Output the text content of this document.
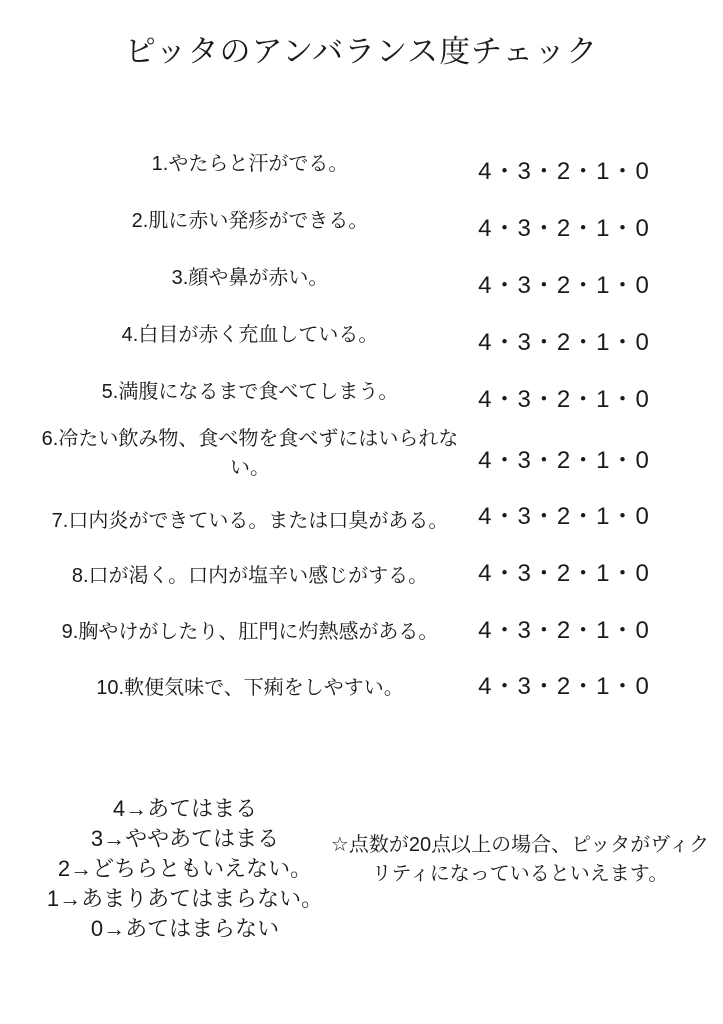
ピッタのアンバランス度チェック
1.やたらと汗がでる。	4・3・2・1・0
2.肌に赤い発疹ができる。	4・3・2・1・0
3.顔や鼻が赤い。	4・3・2・1・0
4.白目が赤く充血している。	4・3・2・1・0
5.満腹になるまで食べてしまう。	4・3・2・1・0
6.冷たい飲み物、食べ物を食べずにはいられな
い。	4・3・2・1・0
7.口内炎ができている。または口臭がある。	4・3・2・1・0
8.口が渇く。口内が塩辛い感じがする。	4・3・2・1・0
9.胸やけがしたり、肛門に灼熱感がある。	4・3・2・1・0
10.軟便気味で、下痢をしやすい。	4・3・2・1・0
4→あてはまる
3→ややあてはまる
2→どちらともいえない。
1→あまりあてはまらない。
0→あてはまらない
☆点数が20点以上の場合、ピッタがヴィク
リティになっているといえます。
